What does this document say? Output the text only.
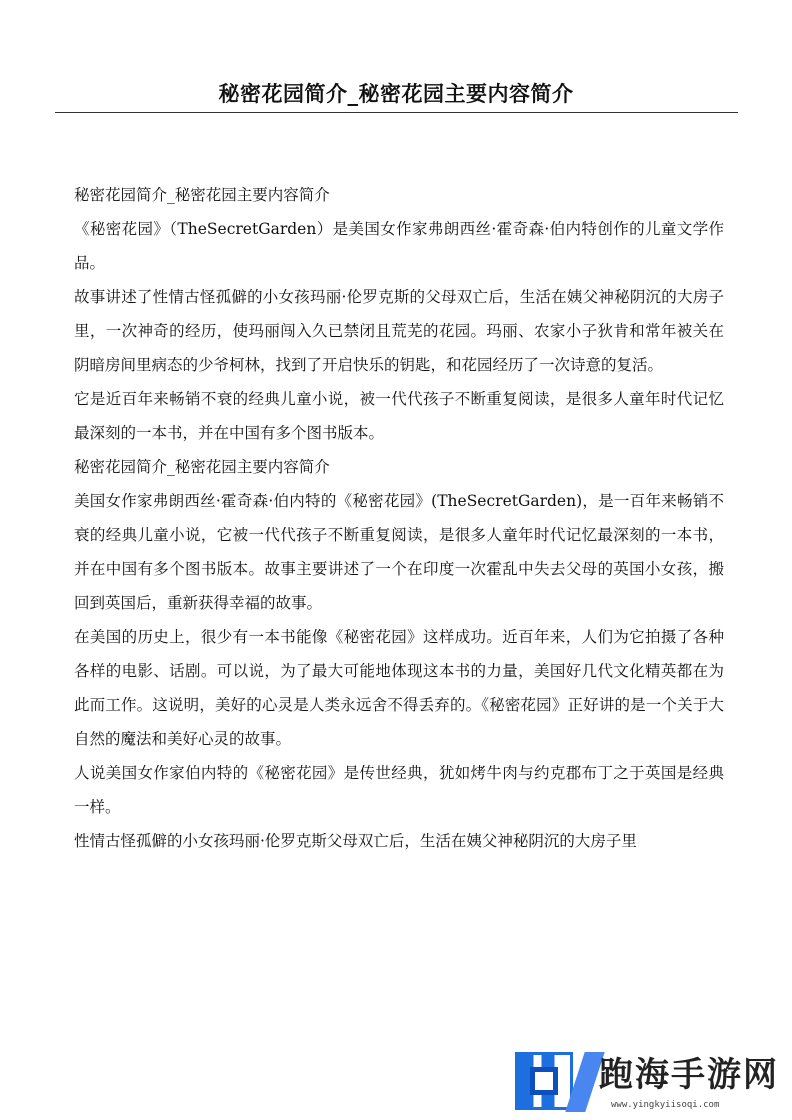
秘密花园简介_秘密花园主要内容简介

秘密花园简介_秘密花园主要内容简介

《秘密花园》（TheSecretGarden）是美国女作家弗朗西丝·霍奇森·伯内特创作的儿童文学作品。

故事讲述了性情古怪孤僻的小女孩玛丽·伦罗克斯的父母双亡后，生活在姨父神秘阴沉的大房子里，一次神奇的经历，使玛丽闯入久已禁闭且荒芜的花园。玛丽、农家小子狄肯和常年被关在阴暗房间里病态的少爷柯林，找到了开启快乐的钥匙，和花园经历了一次诗意的复活。

它是近百年来畅销不衰的经典儿童小说，被一代代孩子不断重复阅读，是很多人童年时代记忆最深刻的一本书，并在中国有多个图书版本。

秘密花园简介_秘密花园主要内容简介

美国女作家弗朗西丝·霍奇森·伯内特的《秘密花园》(TheSecretGarden)，是一百年来畅销不衰的经典儿童小说，它被一代代孩子不断重复阅读，是很多人童年时代记忆最深刻的一本书，并在中国有多个图书版本。故事主要讲述了一个在印度一次霍乱中失去父母的英国小女孩，搬回到英国后，重新获得幸福的故事。

在美国的历史上，很少有一本书能像《秘密花园》这样成功。近百年来，人们为它拍摄了各种各样的电影、话剧。可以说，为了最大可能地体现这本书的力量，美国好几代文化精英都在为此而工作。这说明，美好的心灵是人类永远舍不得丢弃的。《秘密花园》正好讲的是一个关于大自然的魔法和美好心灵的故事。

人说美国女作家伯内特的《秘密花园》是传世经典，犹如烤牛肉与约克郡布丁之于英国是经典一样。

性情古怪孤僻的小女孩玛丽·伦罗克斯父母双亡后，生活在姨父神秘阴沉的大房子里

跑海手游网
www.yingkyiisoqi.com
